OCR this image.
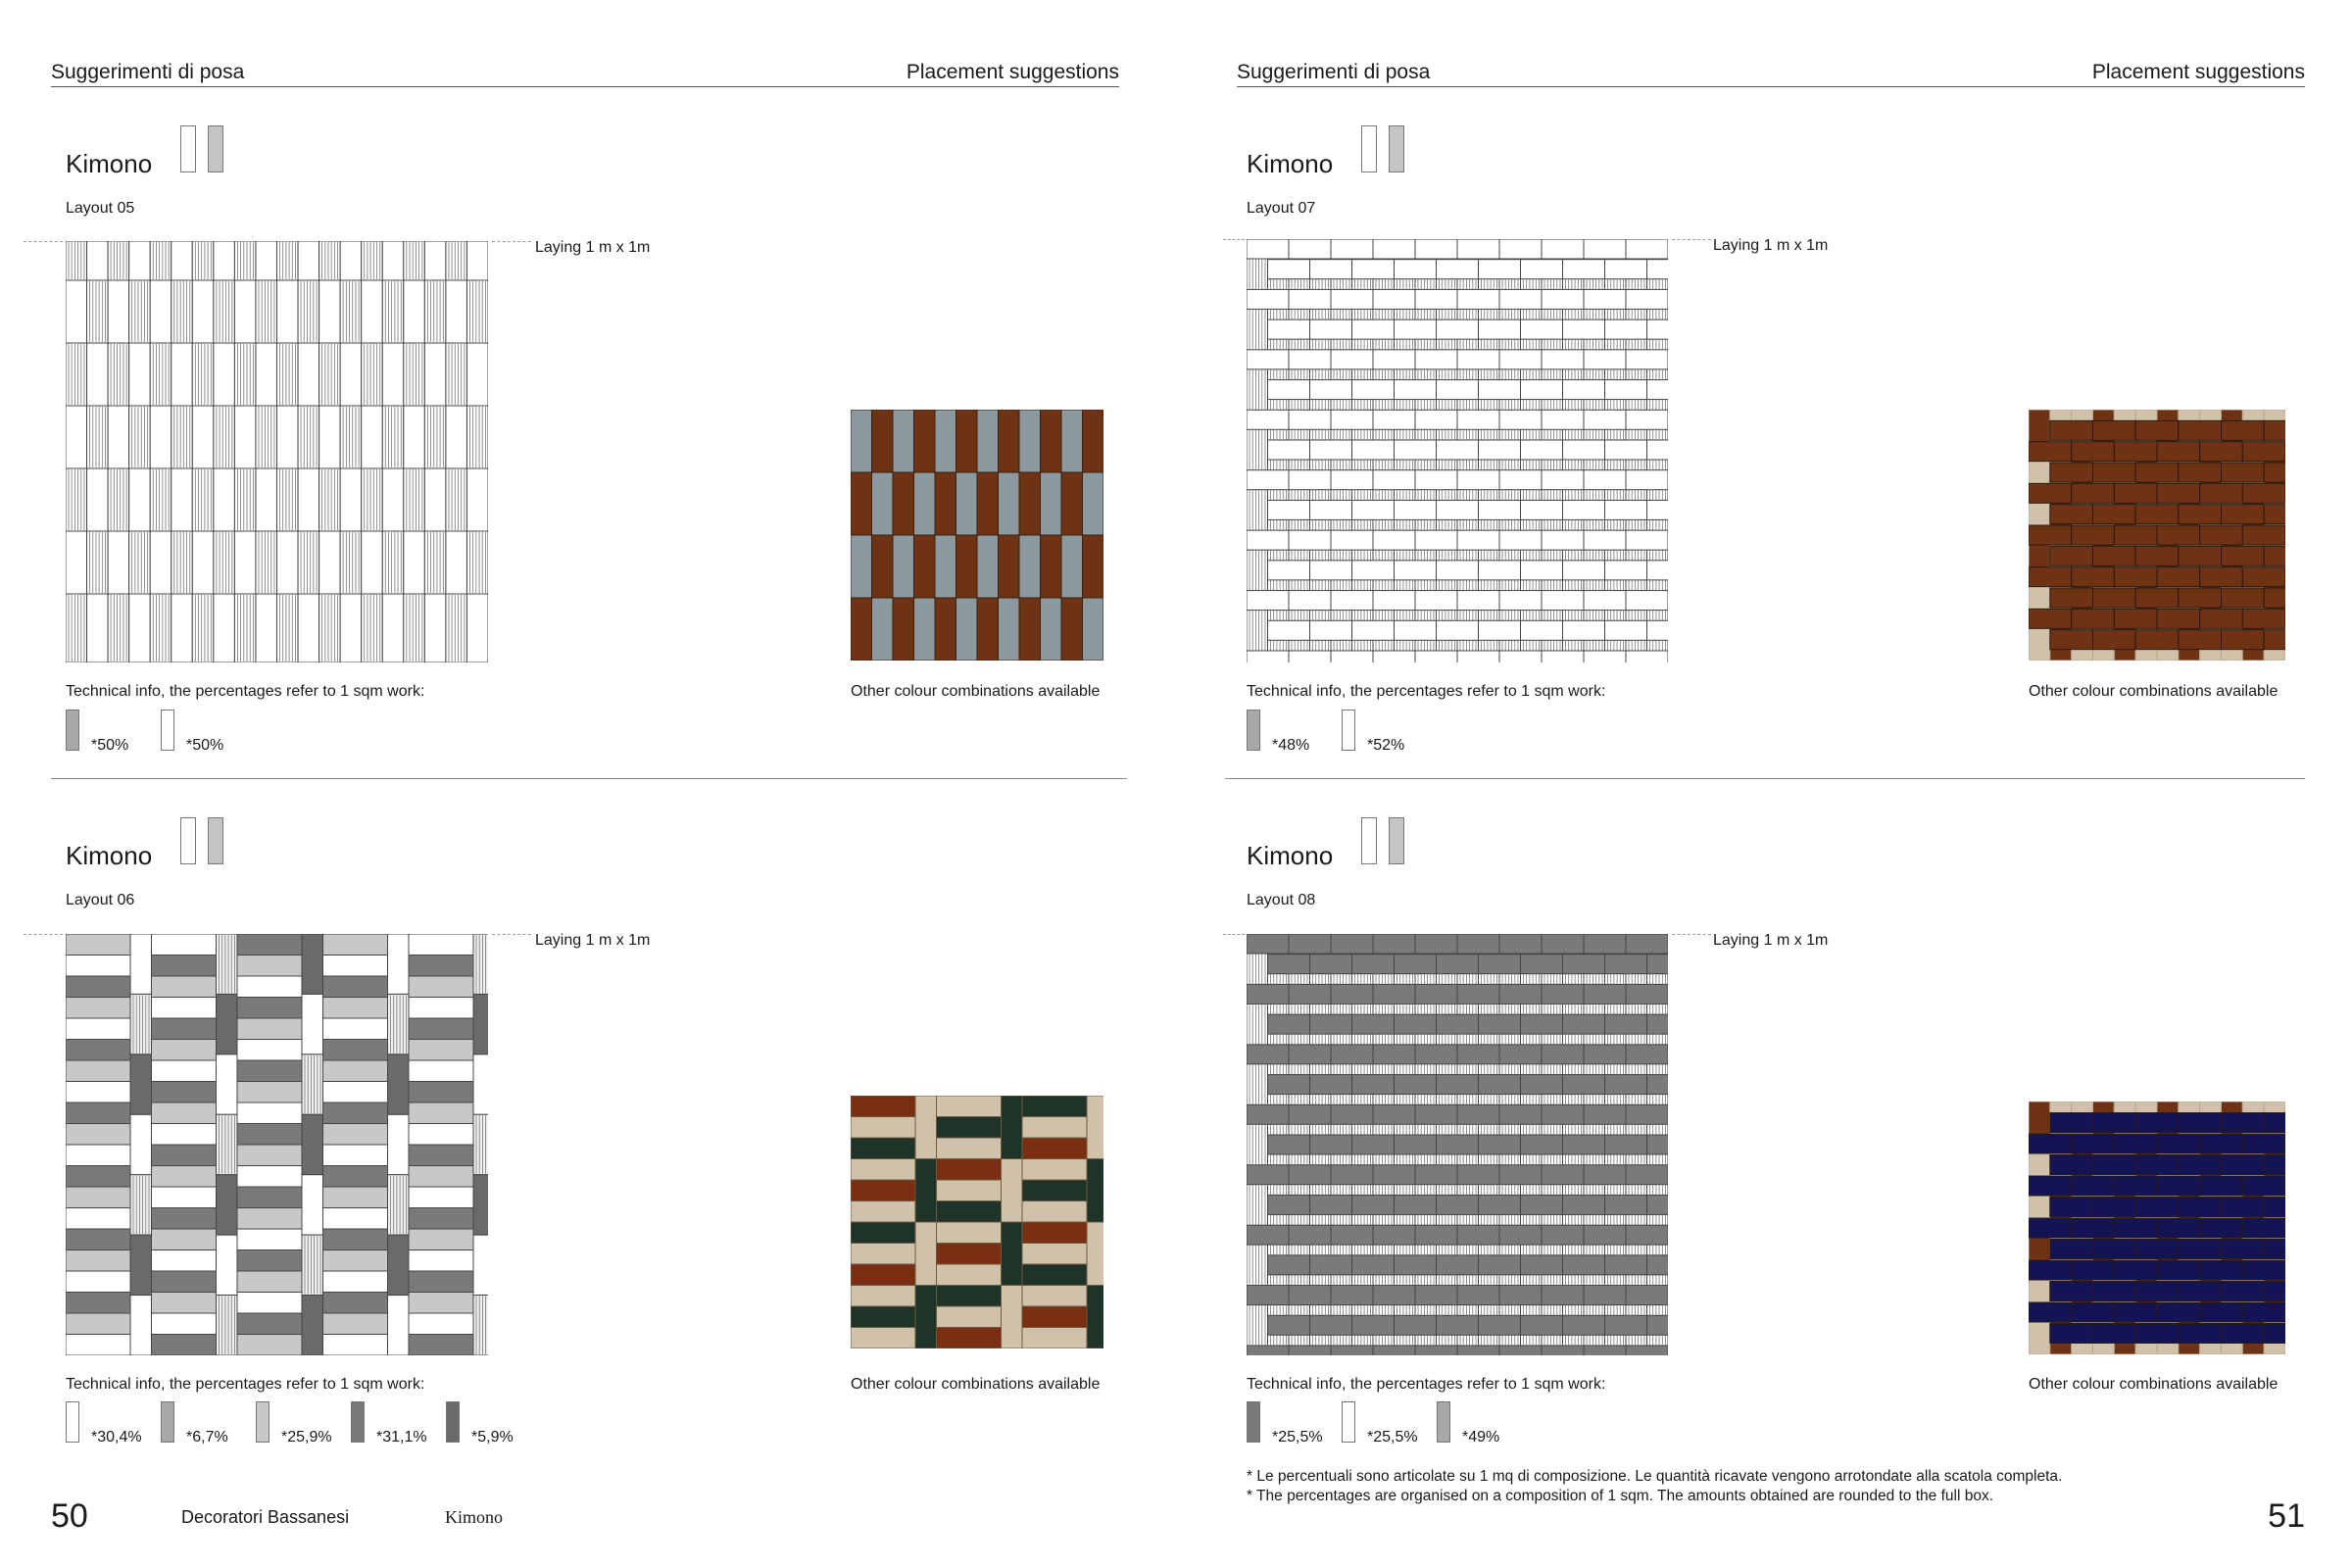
Suggerimenti di posa	Placement suggestions
Kimono
Layout 05
Laying 1 m x 1m
Technical info, the percentages refer to 1 sqm work:	Other colour combinations available
*50%	*50%
Kimono
Layout 06
Laying 1 m x 1m
Technical info, the percentages refer to 1 sqm work:	Other colour combinations available
*30,4%	*6,7%	*25,9%	*31,1%	*5,9%
50	Decoratori Bassanesi	Kimono
Suggerimenti di posa	Placement suggestions
Kimono
Layout 07
Laying 1 m x 1m
Technical info, the percentages refer to 1 sqm work:	Other colour combinations available
*48%	*52%
Kimono
Layout 08
Laying 1 m x 1m
Technical info, the percentages refer to 1 sqm work:	Other colour combinations available
*25,5%	*25,5%	*49%
* Le percentuali sono articolate su 1 mq di composizione. Le quantità ricavate vengono arrotondate alla scatola completa.
* The percentages are organised on a composition of 1 sqm. The amounts obtained are rounded to the full box.
51
